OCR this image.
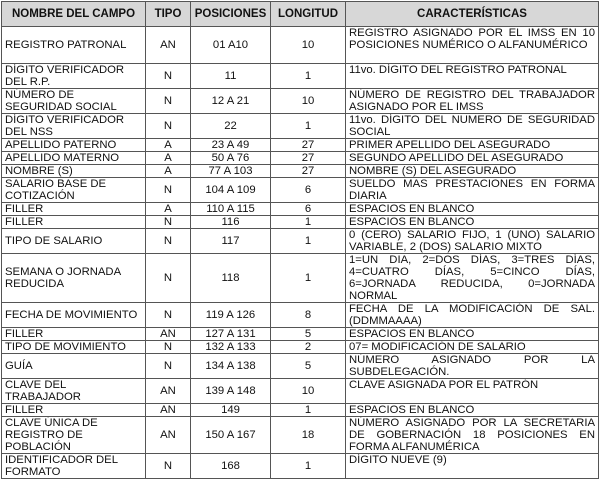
NOMBRE DEL CAMPO	TIPO	POSICIONES	LONGITUD	CARACTERÍSTICAS
REGISTRO PATRONAL	AN	01 A10	10	REGISTRO ASIGNADO POR EL IMSS EN 10 POSICIONES NUMÉRICO O ALFANUMÉRICO
DÍGITO VERIFICADOR DEL R.P.	N	11	1	11vo. DÍGITO DEL REGISTRO PATRONAL
NÚMERO DE SEGURIDAD SOCIAL	N	12 A 21	10	NÚMERO DE REGISTRO DEL TRABAJADOR ASIGNADO POR EL IMSS
DÍGITO VERIFICADOR DEL NSS	N	22	1	11vo. DÍGITO DEL NUMERO DE SEGURIDAD SOCIAL
APELLIDO PATERNO	A	23 A 49	27	PRIMER APELLIDO DEL ASEGURADO
APELLIDO MATERNO	A	50 A 76	27	SEGUNDO APELLIDO DEL ASEGURADO
NOMBRE (S)	A	77 A 103	27	NOMBRE (S) DEL ASEGURADO
SALARIO BASE DE COTIZACIÓN	N	104 A 109	6	SUELDO MAS PRESTACIONES EN FORMA DIARIA
FILLER	A	110 A 115	6	ESPACIOS EN BLANCO
FILLER	N	116	1	ESPACIOS EN BLANCO
TIPO DE SALARIO	N	117	1	0 (CERO) SALARIO FIJO, 1 (UNO) SALARIO VARIABLE, 2 (DOS) SALARIO MIXTO
SEMANA O JORNADA REDUCIDA	N	118	1	1=UN DIA, 2=DOS DÍAS, 3=TRES DÍAS, 4=CUATRO DÍAS, 5=CINCO DÍAS, 6=JORNADA REDUCIDA, 0=JORNADA NORMAL
FECHA DE MOVIMIENTO	N	119 A 126	8	FECHA DE LA MODIFICACIÓN DE SAL. (DDMMAAAA)
FILLER	AN	127 A 131	5	ESPACIOS EN BLANCO
TIPO DE MOVIMIENTO	N	132 A 133	2	07= MODIFICACIÓN DE SALARIO
GUÍA	N	134 A 138	5	NÚMERO ASIGNADO POR LA SUBDELEGACIÓN.
CLAVE DEL TRABAJADOR	AN	139 A 148	10	CLAVE ASIGNADA POR EL PATRÓN
FILLER	AN	149	1	ESPACIOS EN BLANCO
CLAVE ÚNICA DE REGISTRO DE POBLACIÓN	AN	150 A 167	18	NÚMERO ASIGNADO POR LA SECRETARIA DE GOBERNACIÓN 18 POSICIONES EN FORMA ALFANUMÉRICA
IDENTIFICADOR DEL FORMATO	N	168	1	DÍGITO NUEVE (9)
